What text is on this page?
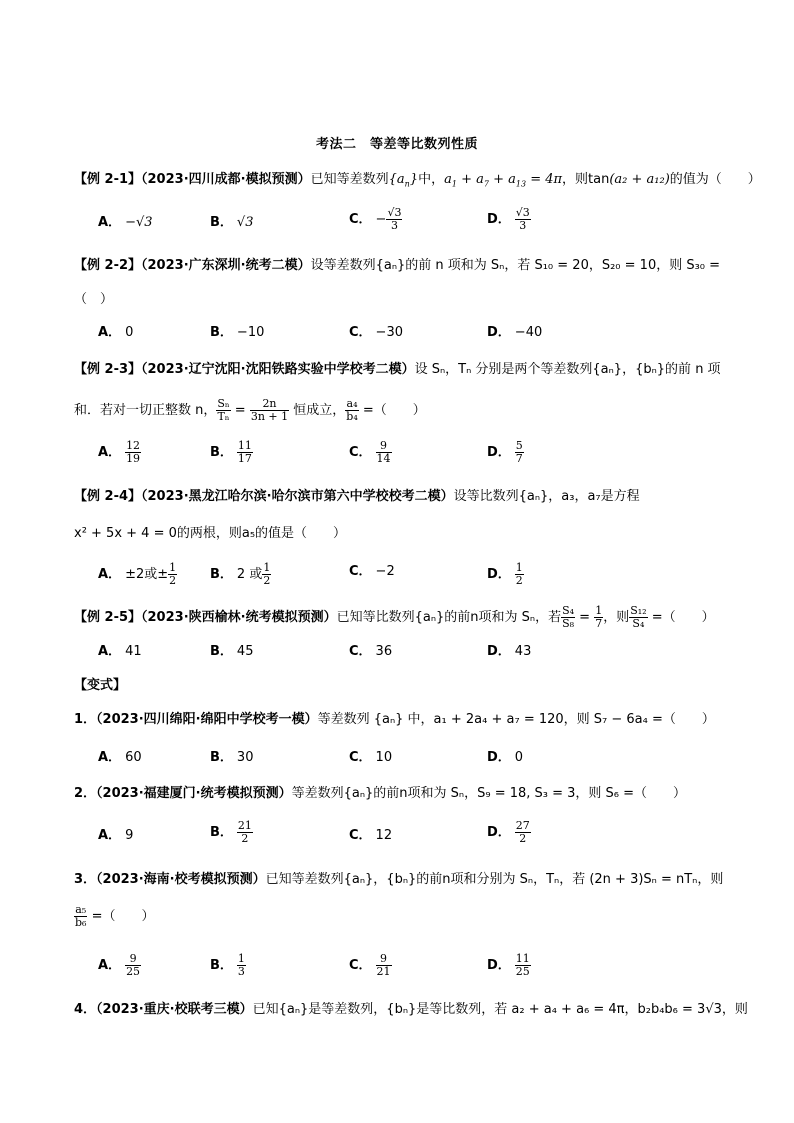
考法二　等差等比数列性质
【例 2-1】（2023·四川成都·模拟预测）已知等差数列$\{a_n\}$中，$a_1 + a_7 + a_{13} = 4\pi$，则tan(a₂ + a₁₂)的值为（　　）
A． −√3	B． √3	C． − $\frac{√3}{3}$	D． $\frac{√3}{3}$
【例 2-2】（2023·广东深圳·统考二模）设等差数列{aₙ}的前 n 项和为 Sₙ，若 S₁₀ = 20，S₂₀ = 10，则 S₃₀ =
（　）
A． 0	B． −10	C． −30	D． −40
【例 2-3】（2023·辽宁沈阳·沈阳铁路实验中学校考二模）设 Sₙ，Tₙ 分别是两个等差数列{aₙ}，{bₙ}的前 n 项
和．若对一切正整数 n， $\frac{\text{Sₙ}}{\text{Tₙ}} = \frac{2n}{3n + 1}$ 恒成立， $\frac{\text{a₄}}{\text{b₄}}$ =（　　）
A． $\frac{12}{19}$	B． $\frac{11}{17}$	C． $\frac{9}{14}$	D． $\frac{5}{7}$
【例 2-4】（2023·黑龙江哈尔滨·哈尔滨市第六中学校校考二模）设等比数列{aₙ}，a₃，a₇是方程
x² + 5x + 4 = 0的两根，则a₅的值是（　　）
A． ±2或± $\frac{1}{2}$	B． 2 或 $\frac{1}{2}$	C． −2	D． $\frac{1}{2}$
【例 2-5】（2023·陕西榆林·统考模拟预测）已知等比数列{aₙ}的前n项和为 Sₙ，若 $\frac{\text{S₄}}{\text{S₈}} = \frac{1}{7}$ ，则 $\frac{\text{S₁₂}}{\text{S₄}}$ =（　　）
A． 41	B． 45	C． 36	D． 43
【变式】
1．（2023·四川绵阳·绵阳中学校考一模）等差数列 {aₙ} 中，a₁ + 2a₄ + a₇ = 120，则 S₇ − 6a₄ =（　　）
A． 60	B． 30	C． 10	D． 0
2．（2023·福建厦门·统考模拟预测）等差数列{aₙ}的前n项和为 Sₙ，S₉ = 18, S₃ = 3，则 S₆ =（　　）
A． 9	B． $\frac{21}{2}$	C． 12	D． $\frac{27}{2}$
3．（2023·海南·校考模拟预测）已知等差数列{aₙ}，{bₙ}的前n项和分别为 Sₙ，Tₙ，若 (2n + 3)Sₙ = nTₙ，则
$\frac{\text{a₅}}{\text{b₆}}$ =（　　）
A． $\frac{9}{25}$	B． $\frac{1}{3}$	C． $\frac{9}{21}$	D． $\frac{11}{25}$
4．（2023·重庆·校联考三模）已知{aₙ}是等差数列，{bₙ}是等比数列，若 a₂ + a₄ + a₆ = 4π，b₂b₄b₆ = 3√3，则
